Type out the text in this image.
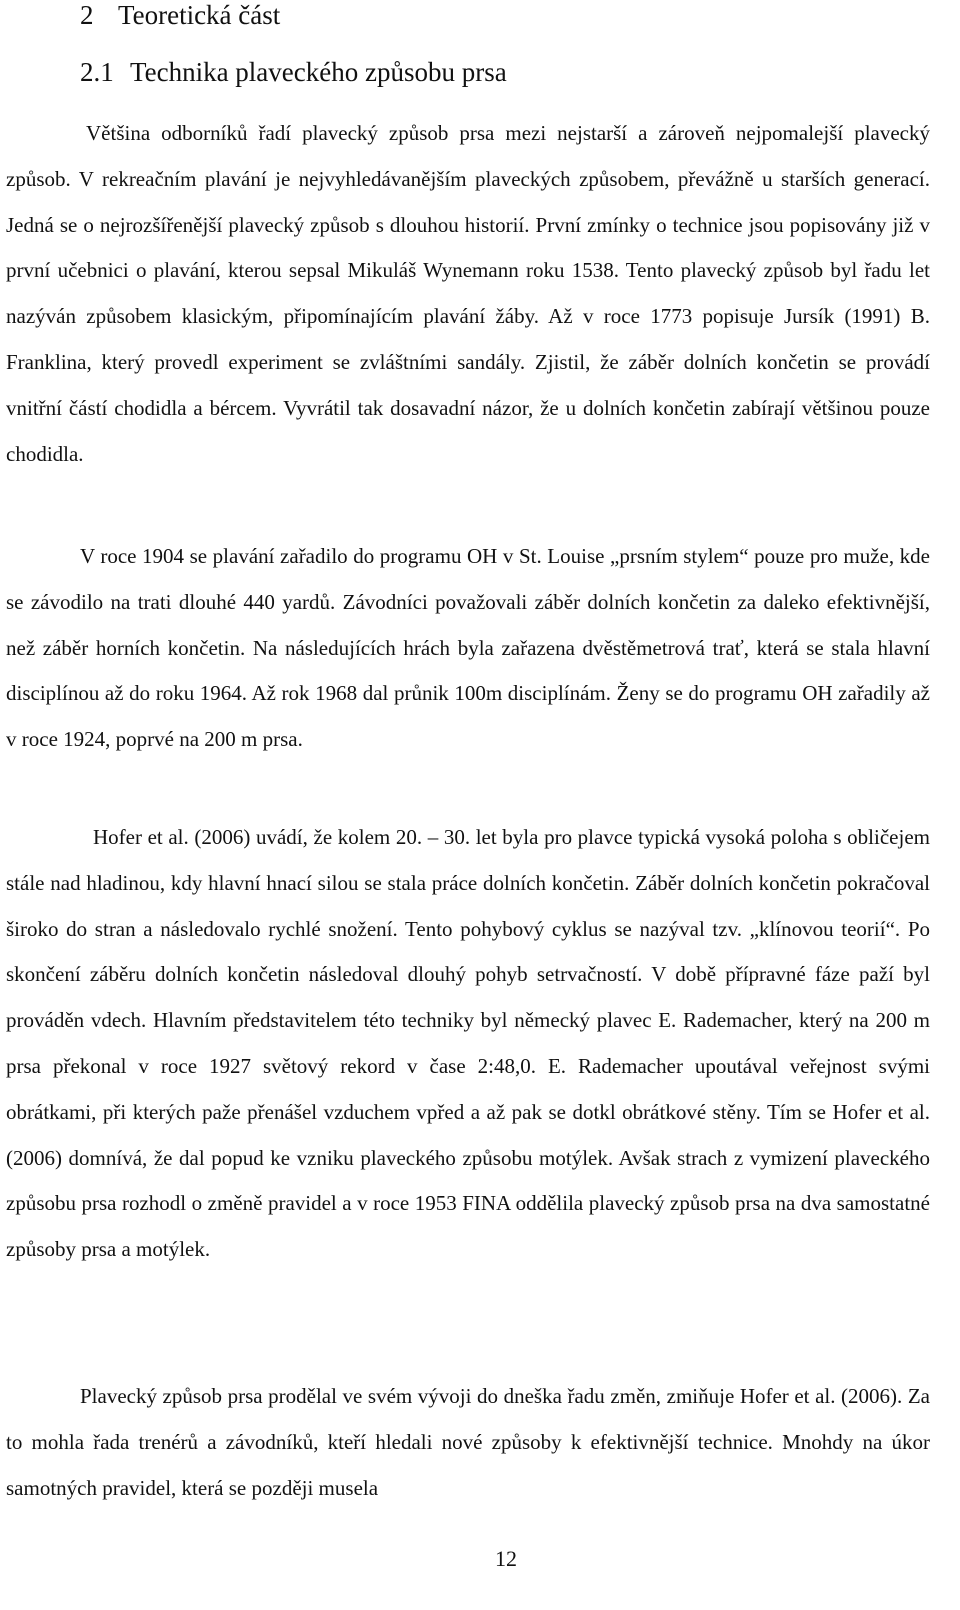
2 Teoretická část
2.1 Technika plaveckého způsobu prsa

Většina odborníků řadí plavecký způsob prsa mezi nejstarší a zároveň nejpomalejší plavecký způsob. V rekreačním plavání je nejvyhledávanějším plaveckých způsobem, převážně u starších generací. Jedná se o nejrozšířenější plavecký způsob s dlouhou historií. První zmínky o technice jsou popisovány již v první učebnici o plavání, kterou sepsal Mikuláš Wynemann roku 1538. Tento plavecký způsob byl řadu let nazýván způsobem klasickým, připomínajícím plavání žáby. Až v roce 1773 popisuje Jursík (1991) B. Franklina, který provedl experiment se zvláštními sandály. Zjistil, že záběr dolních končetin se provádí vnitřní částí chodidla a bércem. Vyvrátil tak dosavadní názor, že u dolních končetin zabírají většinou pouze chodidla.

V roce 1904 se plavání zařadilo do programu OH v St. Louise „prsním stylem“ pouze pro muže, kde se závodilo na trati dlouhé 440 yardů. Závodníci považovali záběr dolních končetin za daleko efektivnější, než záběr horních končetin. Na následujících hrách byla zařazena dvěstěmetrová trať, která se stala hlavní disciplínou až do roku 1964. Až rok 1968 dal průnik 100m disciplínám. Ženy se do programu OH zařadily až v roce 1924, poprvé na 200 m prsa.

Hofer et al. (2006) uvádí, že kolem 20. – 30. let byla pro plavce typická vysoká poloha s obličejem stále nad hladinou, kdy hlavní hnací silou se stala práce dolních končetin. Záběr dolních končetin pokračoval široko do stran a následovalo rychlé snožení. Tento pohybový cyklus se nazýval tzv. „klínovou teorií“. Po skončení záběru dolních končetin následoval dlouhý pohyb setrvačností. V době přípravné fáze paží byl prováděn vdech. Hlavním představitelem této techniky byl německý plavec E. Rademacher, který na 200 m prsa překonal v roce 1927 světový rekord v čase 2:48,0. E. Rademacher upoutával veřejnost svými obrátkami, při kterých paže přenášel vzduchem vpřed a až pak se dotkl obrátkové stěny. Tím se Hofer et al. (2006) domnívá, že dal popud ke vzniku plaveckého způsobu motýlek. Avšak strach z vymizení plaveckého způsobu prsa rozhodl o změně pravidel a v roce 1953 FINA oddělila plavecký způsob prsa na dva samostatné způsoby prsa a motýlek.

Plavecký způsob prsa prodělal ve svém vývoji do dneška řadu změn, zmiňuje Hofer et al. (2006). Za to mohla řada trenérů a závodníků, kteří hledali nové způsoby k efektivnější technice. Mnohdy na úkor samotných pravidel, která se později musela

12
